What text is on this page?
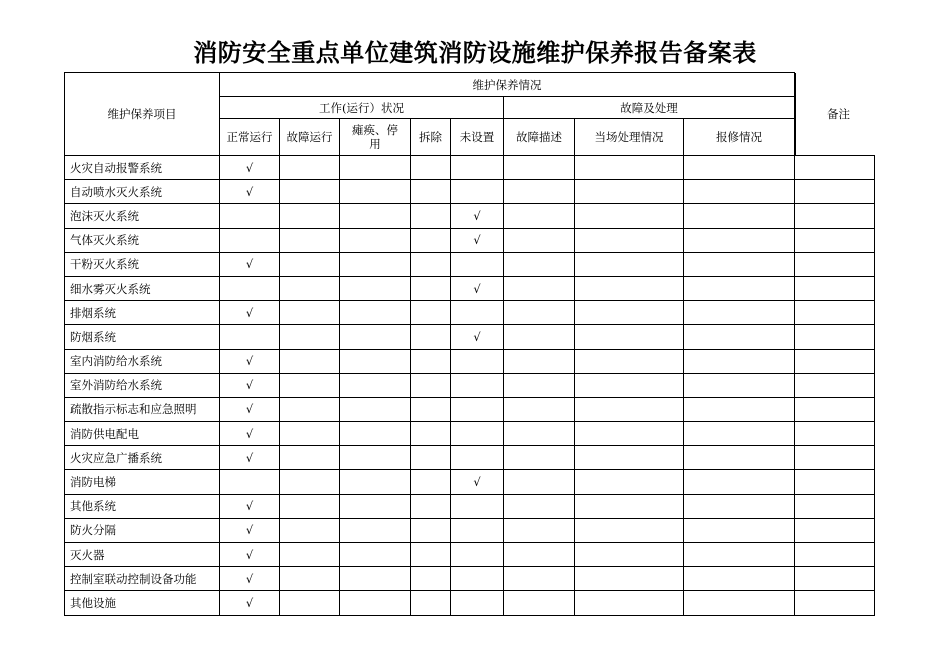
消防安全重点单位建筑消防设施维护保养报告备案表
维护保养项目	维护保养情况								备注

	工作(运行）状况					故障及处理			
	正常运行	故障运行	瘫痪、停用	拆除	未设置	故障描述	当场处理情况	报修情况	
火灾自动报警系统	√								
自动喷水灭火系统	√								
泡沫灭火系统					√				
气体灭火系统					√				
干粉灭火系统	√								
细水雾灭火系统					√				
排烟系统	√								
防烟系统					√				
室内消防给水系统	√								
室外消防给水系统	√								
疏散指示标志和应急照明	√								
消防供电配电	√								
火灾应急广播系统	√								
消防电梯					√				
其他系统	√								
防火分隔	√								
灭火器	√								
控制室联动控制设备功能	√								
其他设施	√								
